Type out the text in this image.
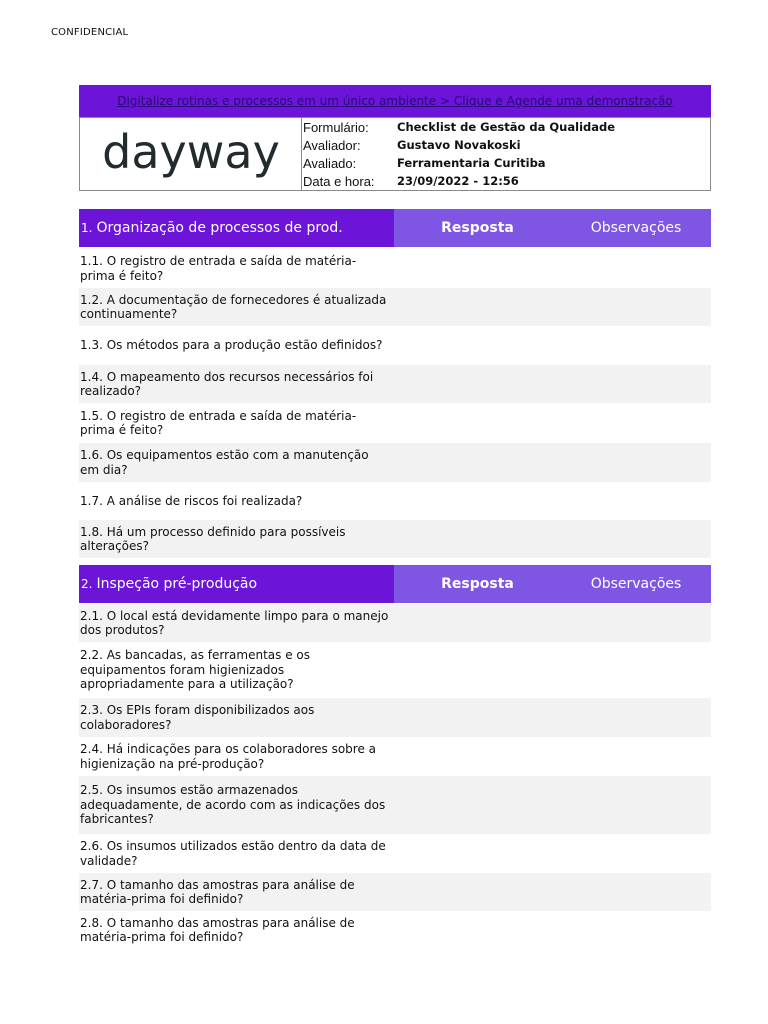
CONFIDENCIAL
Digitalize rotinas e processos em um único ambiente > Clique e Agende uma demonstração
dayway Formulário:	Checklist de Gestão da Qualidade
Avaliador:	Gustavo Novakoski
Avaliado:	Ferramentaria Curitiba
Data e hora:	23/09/2022 - 12:56
1. Organização de processos de prod.	Resposta	Observações
1.1. O registro de entrada e saída de matéria-prima é feito?
1.2. A documentação de fornecedores é atualizada continuamente?
1.3. Os métodos para a produção estão definidos?
1.4. O mapeamento dos recursos necessários foi realizado?
1.5. O registro de entrada e saída de matéria-prima é feito?
1.6. Os equipamentos estão com a manutenção em dia?
1.7. A análise de riscos foi realizada?
1.8. Há um processo definido para possíveis alterações?
2. Inspeção pré-produção	Resposta	Observações
2.1. O local está devidamente limpo para o manejo dos produtos?
2.2. As bancadas, as ferramentas e os equipamentos foram higienizados apropriadamente para a utilização?
2.3. Os EPIs foram disponibilizados aos colaboradores?
2.4. Há indicações para os colaboradores sobre a higienização na pré-produção?
2.5. Os insumos estão armazenados adequadamente, de acordo com as indicações dos fabricantes?
2.6. Os insumos utilizados estão dentro da data de validade?
2.7. O tamanho das amostras para análise de matéria-prima foi definido?
2.8. O tamanho das amostras para análise de matéria-prima foi definido?
